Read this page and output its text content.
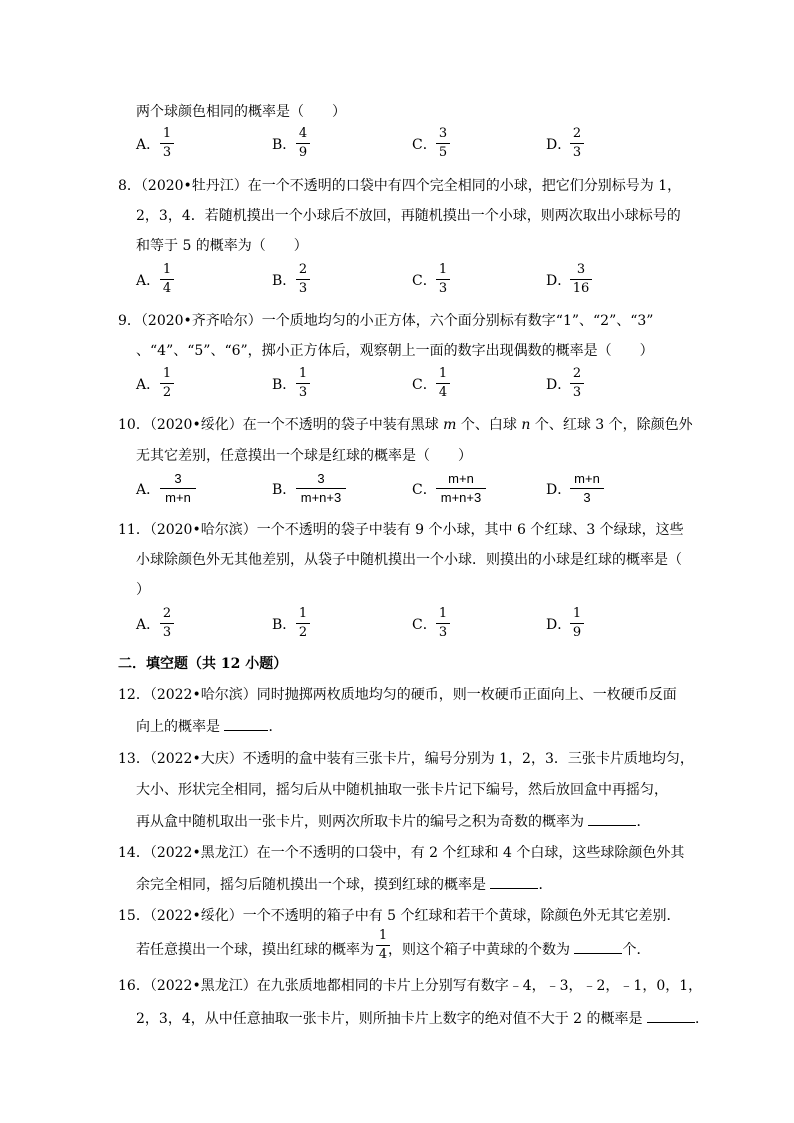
两个球颜色相同的概率是（　　）
A．
1
3	B．
4
9	C．
3
5	D．
2
3
8．（2020•牡丹江）在一个不透明的口袋中有四个完全相同的小球，把它们分别标号为 1，
2，3，4．若随机摸出一个小球后不放回，再随机摸出一个小球，则两次取出小球标号的
和等于 5 的概率为（　　）
A．
1
4	B．
2
3	C．
1
3	D．
3
16
9．（2020•齐齐哈尔）一个质地均匀的小正方体，六个面分别标有数字“1”、“2”、“3”
、“4”、“5”、“6”，掷小正方体后，观察朝上一面的数字出现偶数的概率是（　　）
A．
1
2	B．
1
3	C．
1
4	D．
2
3
10．（2020•绥化）在一个不透明的袋子中装有黑球 m 个、白球 n 个、红球 3 个，除颜色外
无其它差别，任意摸出一个球是红球的概率是（　　）
A．
3
m+n	B．
3
m+n+3	C．
m+n
m+n+3	D．
m+n
3
11．（2020•哈尔滨）一个不透明的袋子中装有 9 个小球，其中 6 个红球、3 个绿球，这些
小球除颜色外无其他差别，从袋子中随机摸出一个小球．则摸出的小球是红球的概率是（
）
A．
2
3	B．
1
2	C．
1
3	D．
1
9
二．填空题（共 12 小题）
12．（2022•哈尔滨）同时抛掷两枚质地均匀的硬币，则一枚硬币正面向上、一枚硬币反面
向上的概率是	．
13．（2022•大庆）不透明的盒中装有三张卡片，编号分别为 1，2，3．三张卡片质地均匀，
大小、形状完全相同，摇匀后从中随机抽取一张卡片记下编号，然后放回盒中再摇匀，
再从盒中随机取出一张卡片，则两次所取卡片的编号之积为奇数的概率为	．
14．（2022•黑龙江）在一个不透明的口袋中，有 2 个红球和 4 个白球，这些球除颜色外其
余完全相同，摇匀后随机摸出一个球，摸到红球的概率是	．
15．（2022•绥化）一个不透明的箱子中有 5 个红球和若干个黄球，除颜色外无其它差别．
若任意摸出一个球，摸出红球的概率为 ，则这个箱子中黄球的个数为	个．
1
4
16．（2022•黑龙江）在九张质地都相同的卡片上分别写有数字﹣4，﹣3，﹣2，﹣1，0，1，
2，3，4，从中任意抽取一张卡片，则所抽卡片上数字的绝对值不大于 2 的概率是	．
